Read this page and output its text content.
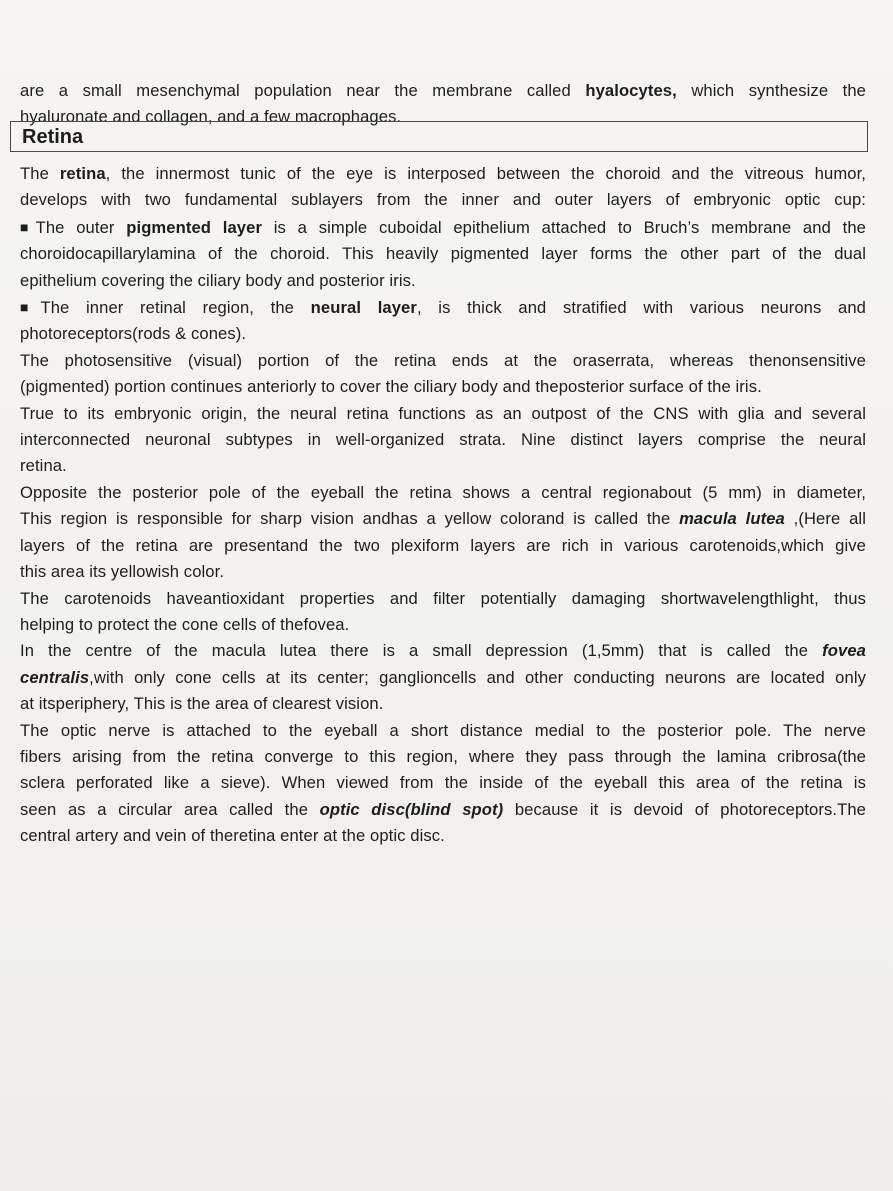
are a small mesenchymal population near the membrane called hyalocytes, which synthesize the
hyaluronate and collagen, and a few macrophages.
Retina
The retina, the innermost tunic of the eye is interposed between the choroid and the vitreous humor,
develops with two fundamental sublayers from the inner and outer layers of embryonic optic cup:
■The outer pigmented layer is a simple cuboidal epithelium attached to Bruch’s membrane and the
choroidocapillarylamina of the choroid. This heavily pigmented layer forms the other part of the dual
epithelium covering the ciliary body and posterior iris.
■The inner retinal region, the neural layer, is thick and stratified with various neurons and
photoreceptors(rods & cones).
The photosensitive (visual) portion of the retina ends at the oraserrata, whereas thenonsensitive
(pigmented) portion continues anteriorly to cover the ciliary body and theposterior surface of the iris.
True to its embryonic origin, the neural retina functions as an outpost of the CNS with glia and several
interconnected neuronal subtypes in well-organized strata. Nine distinct layers comprise the neural
retina.
Opposite the posterior pole of the eyeball the retina shows a central regionabout (5 mm) in diameter,
This region is responsible for sharp vision andhas a yellow colorand is called the macula lutea ,(Here all
layers of the retina are presentand the two plexiform layers are rich in various carotenoids,which give
this area its yellowish color.
The carotenoids haveantioxidant properties and filter potentially damaging shortwavelengthlight, thus
helping to protect the cone cells of thefovea.
In the centre of the macula lutea there is a small depression (1,5mm) that is called the fovea
centralis,with only cone cells at its center; ganglioncells and other conducting neurons are located only
at itsperiphery, This is the area of clearest vision.
The optic nerve is attached to the eyeball a short distance medial to the posterior pole. The nerve
fibers arising from the retina converge to this region, where they pass through the lamina cribrosa(the
sclera perforated like a sieve). When viewed from the inside of the eyeball this area of the retina is
seen as a circular area called the optic disc(blind spot) because it is devoid of photoreceptors.The
central artery and vein of theretina enter at the optic disc.
